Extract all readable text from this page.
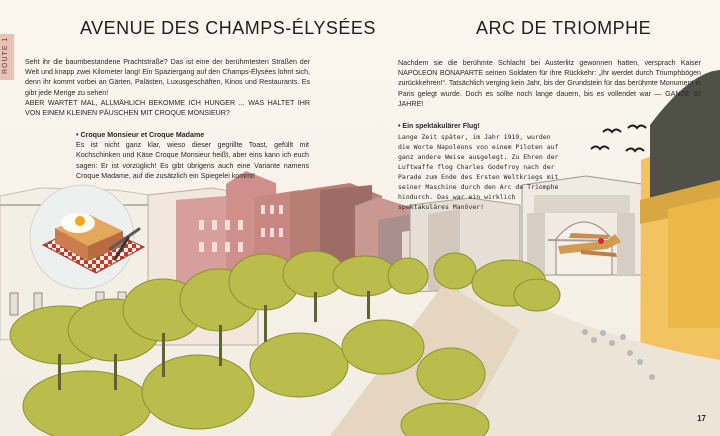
ROUTE 1
AVENUE DES CHAMPS-ÉLYSÉES
Seht ihr die baumbestandene Prachtstraße? Das ist eine der berühmtesten Straßen der Welt und knapp zwei Kilometer lang! Ein Spaziergang auf den Champs-Élysées lohnt sich, denn ihr kommt vorbei an Gärten, Palästen, Luxusgeschäften, Kinos und Restaurants. Es gibt jede Menge zu sehen!
ABER WARTET MAL, ALLMÄHLICH BEKOMME ICH HUNGER ... WAS HALTET IHR VON EINEM KLEINEN PÄUSCHEN MIT CROQUE MONSIEUR?
• Croque Monsieur et Croque Madame
Es ist nicht ganz klar, wieso dieser gegrillte Toast, gefüllt mit Kochschinken und Käse Croque Monsieur heißt, aber eins kann ich euch sagen: Er ist vorzüglich! Es gibt übrigens auch eine Variante namens Croque Madame, auf die zusätzlich ein Spiegelei kommt!
ARC DE TRIOMPHE
Nachdem sie die berühmte Schlacht bei Austerlitz gewonnen hatten, versprach Kaiser NAPOLEON BONAPARTE seinen Soldaten für ihre Rückkehr: „Ihr werdet durch Triumphbögen zurückkehren!“. Tatsächlich verging kein Jahr, bis der Grundstein für das berühmte Monument in Paris gelegt wurde. Doch es sollte noch lange dauern, bis es vollendet war — GANZE 30 JAHRE!
• Ein spektakulärer Flug!
Lange Zeit später, im Jahr 1919, wurden die Worte Napoleons von einem Piloten auf ganz andere Weise ausgelegt. Zu Ehren der Luftwaffe flog Charles Godefroy nach der Parade zum Ende des Ersten Weltkriegs mit seiner Maschine durch den Arc de Triomphe hindurch. Das war ein wirklich spektakuläres Manöver!
17
